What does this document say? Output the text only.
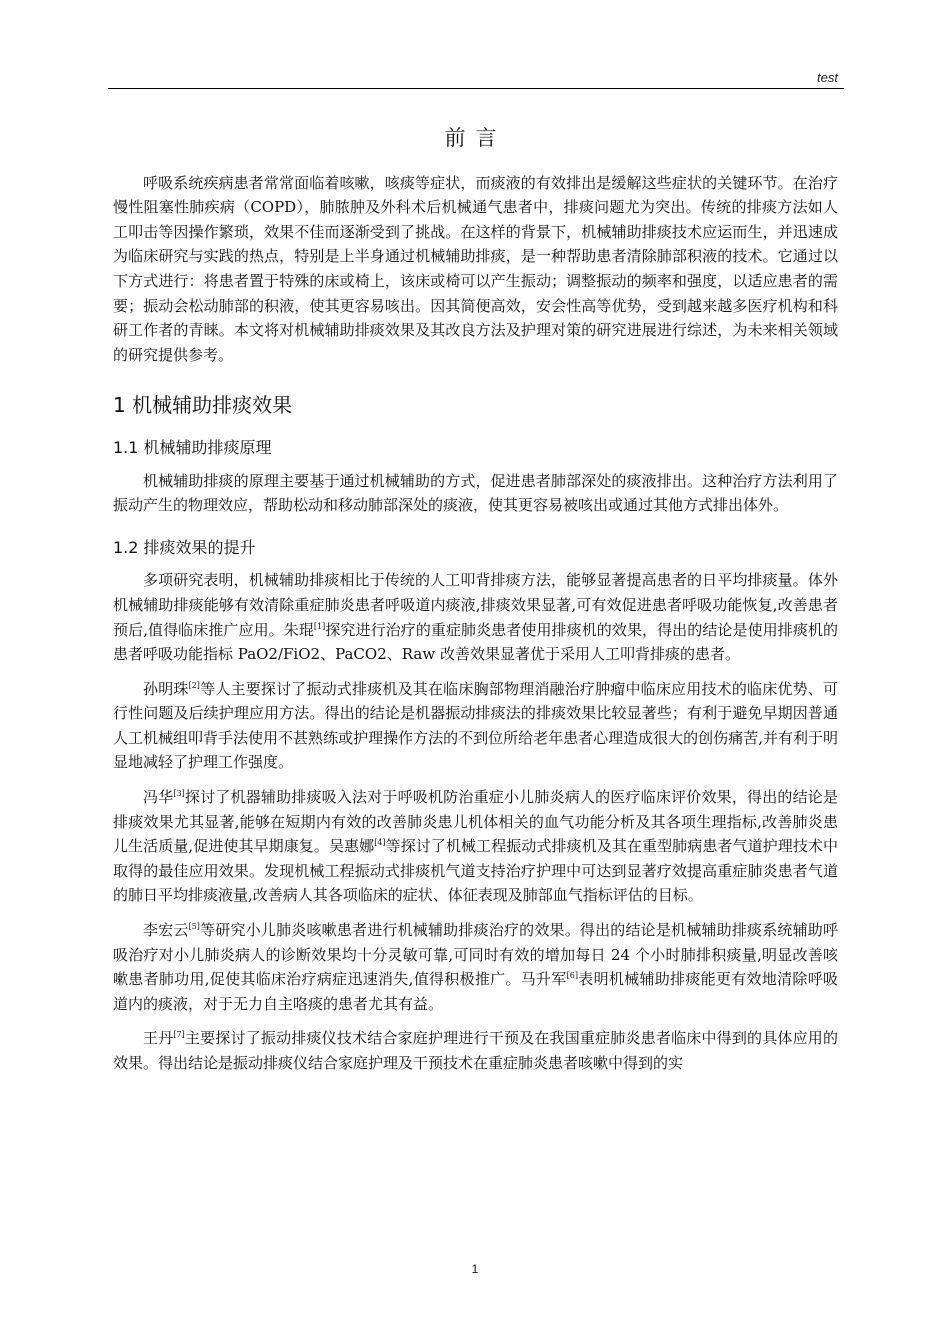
test
前言

呼吸系统疾病患者常常面临着咳嗽，咳痰等症状，而痰液的有效排出是缓解这些症状的关键环节。在治疗慢性阻塞性肺疾病（COPD），肺脓肿及外科术后机械通气患者中，排痰问题尤为突出。传统的排痰方法如人工叩击等因操作繁琐，效果不佳而逐渐受到了挑战。在这样的背景下，机械辅助排痰技术应运而生，并迅速成为临床研究与实践的热点，特别是上半身通过机械辅助排痰，是一种帮助患者清除肺部积液的技术。它通过以下方式进行：将患者置于特殊的床或椅上，该床或椅可以产生振动；调整振动的频率和强度，以适应患者的需要；振动会松动肺部的积液，使其更容易咳出。因其简便高效，安会性高等优势，受到越来越多医疗机构和科研工作者的青睐。本文将对机械辅助排痰效果及其改良方法及护理对策的研究进展进行综述，为未来相关领域的研究提供参考。

1 机械辅助排痰效果
1.1 机械辅助排痰原理

机械辅助排痰的原理主要基于通过机械辅助的方式，促进患者肺部深处的痰液排出。这种治疗方法利用了振动产生的物理效应，帮助松动和移动肺部深处的痰液，使其更容易被咳出或通过其他方式排出体外。

1.2 排痰效果的提升

多项研究表明，机械辅助排痰相比于传统的人工叩背排痰方法，能够显著提高患者的日平均排痰量。体外机械辅助排痰能够有效清除重症肺炎患者呼吸道内痰液,排痰效果显著,可有效促进患者呼吸功能恢复,改善患者预后,值得临床推广应用。朱琨[1]探究进行治疗的重症肺炎患者使用排痰机的效果，得出的结论是使用排痰机的患者呼吸功能指标 PaO2/FiO2、PaCO2、Raw 改善效果显著优于采用人工叩背排痰的患者。

孙明珠[2]等人主要探讨了振动式排痰机及其在临床胸部物理消融治疗肿瘤中临床应用技术的临床优势、可行性问题及后续护理应用方法。得出的结论是机器振动排痰法的排痰效果比较显著些；有利于避免早期因普通人工机械组叩背手法使用不甚熟练或护理操作方法的不到位所给老年患者心理造成很大的创伤痛苦,并有利于明显地减轻了护理工作强度。

冯华[3]探讨了机器辅助排痰吸入法对于呼吸机防治重症小儿肺炎病人的医疗临床评价效果，得出的结论是排痰效果尤其显著,能够在短期内有效的改善肺炎患儿机体相关的血气功能分析及其各项生理指标,改善肺炎患儿生活质量,促进使其早期康复。吴惠娜[4]等探讨了机械工程振动式排痰机及其在重型肺病患者气道护理技术中取得的最佳应用效果。发现机械工程振动式排痰机气道支持治疗护理中可达到显著疗效提高重症肺炎患者气道的肺日平均排痰液量,改善病人其各项临床的症状、体征表现及肺部血气指标评估的目标。

李宏云[5]等研究小儿肺炎咳嗽患者进行机械辅助排痰治疗的效果。得出的结论是机械辅助排痰系统辅助呼吸治疗对小儿肺炎病人的诊断效果均十分灵敏可靠,可同时有效的增加每日 24 个小时肺排积痰量,明显改善咳嗽患者肺功用,促使其临床治疗病症迅速消失,值得积极推广。马升军[6]表明机械辅助排痰能更有效地清除呼吸道内的痰液，对于无力自主咯痰的患者尤其有益。

王丹[7]主要探讨了振动排痰仪技术结合家庭护理进行干预及在我国重症肺炎患者临床中得到的具体应用的效果。得出结论是振动排痰仪结合家庭护理及干预技术在重症肺炎患者咳嗽中得到的实

1
